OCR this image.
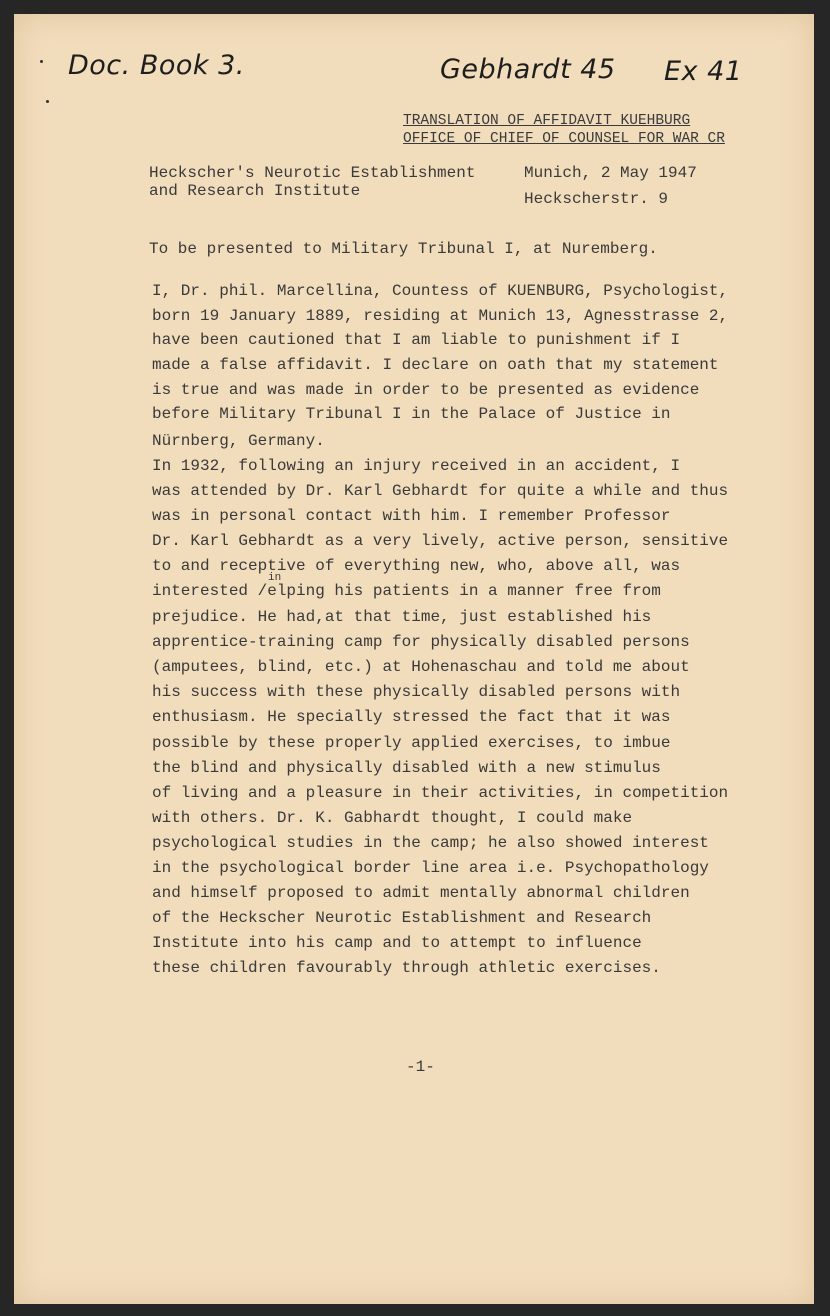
Doc. Book 3.	Gebhardt 45 Ex 41
TRANSLATION OF AFFIDAVIT KUEHBURG
OFFICE OF CHIEF OF COUNSEL FOR WAR CR
Heckscher's Neurotic Establishment
and Research Institute
Munich, 2 May 1947
Heckscherstr. 9
To be presented to Military Tribunal I, at Nuremberg.
I, Dr. phil. Marcellina, Countess of KUENBURG, Psychologist,
born 19 January 1889, residing at Munich 13, Agnesstrasse 2,
have been cautioned that I am liable to punishment if I
made a false affidavit. I declare on oath that my statement
is true and was made in order to be presented as evidence
before Military Tribunal I in the Palace of Justice in
Nürnberg, Germany.
In 1932, following an injury received in an accident, I
was attended by Dr. Karl Gebhardt for quite a while and thus
was in personal contact with him. I remember Professor
Dr. Karl Gebhardt as a very lively, active person, sensitive
to and receptive of everything new, who, above all, was
interested /elping his patients in a manner free from
prejudice. He had,at that time, just established his
apprentice-training camp for physically disabled persons
(amputees, blind, etc.) at Hohenaschau and told me about
his success with these physically disabled persons with
enthusiasm. He specially stressed the fact that it was
possible by these properly applied exercises, to imbue
the blind and physically disabled with a new stimulus
of living and a pleasure in their activities, in competition
with others. Dr. K. Gabhardt thought, I could make
psychological studies in the camp; he also showed interest
in the psychological border line area i.e. Psychopathology
and himself proposed to admit mentally abnormal children
of the Heckscher Neurotic Establishment and Research
Institute into his camp and to attempt to influence
these children favourably through athletic exercises.
in
-1-
